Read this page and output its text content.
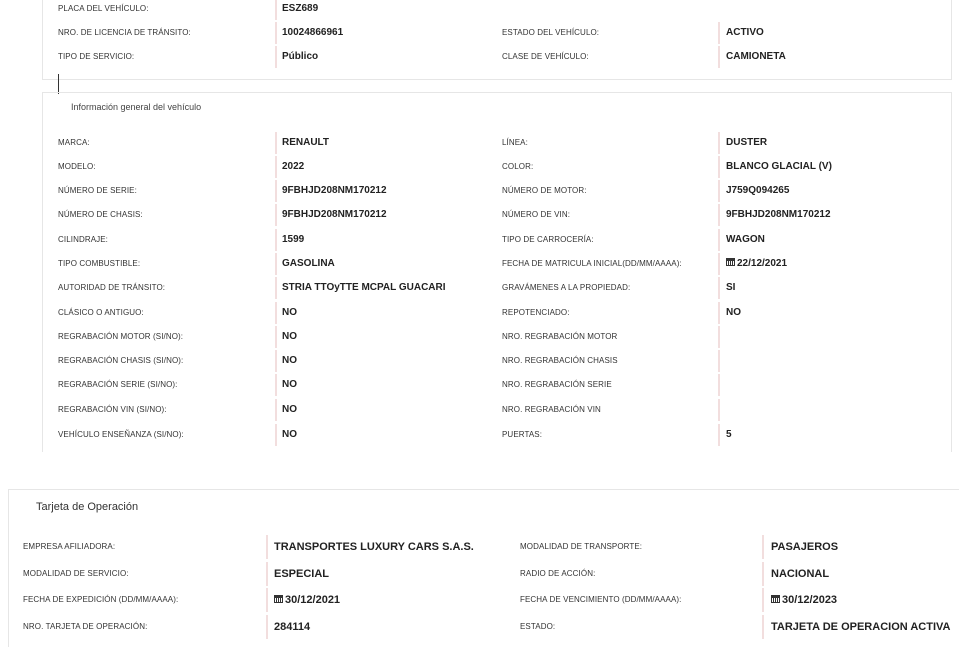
PLACA DEL VEHÍCULO:	ESZ689
NRO. DE LICENCIA DE TRÁNSITO:	10024866961	ESTADO DEL VEHÍCULO:	ACTIVO
TIPO DE SERVICIO:	Público	CLASE DE VEHÍCULO:	CAMIONETA
Información general del vehículo
MARCA:	RENAULT	LÍNEA:	DUSTER
MODELO:	2022	COLOR:	BLANCO GLACIAL (V)
NÚMERO DE SERIE:	9FBHJD208NM170212	NÚMERO DE MOTOR:	J759Q094265
NÚMERO DE CHASIS:	9FBHJD208NM170212	NÚMERO DE VIN:	9FBHJD208NM170212
CILINDRAJE:	1599	TIPO DE CARROCERÍA:	WAGON
TIPO COMBUSTIBLE:	GASOLINA	FECHA DE MATRICULA INICIAL(DD/MM/AAAA):	22/12/2021
AUTORIDAD DE TRÁNSITO:	STRIA TTOyTTE MCPAL GUACARI	GRAVÁMENES A LA PROPIEDAD:	SI
CLÁSICO O ANTIGUO:	NO	REPOTENCIADO:	NO
REGRABACIÓN MOTOR (SI/NO):	NO	NRO. REGRABACIÓN MOTOR
REGRABACIÓN CHASIS (SI/NO):	NO	NRO. REGRABACIÓN CHASIS
REGRABACIÓN SERIE (SI/NO):	NO	NRO. REGRABACIÓN SERIE
REGRABACIÓN VIN (SI/NO):	NO	NRO. REGRABACIÓN VIN
VEHÍCULO ENSEÑANZA (SI/NO):	NO	PUERTAS:	5
Tarjeta de Operación
EMPRESA AFILIADORA:	TRANSPORTES LUXURY CARS S.A.S.	MODALIDAD DE TRANSPORTE:	PASAJEROS
MODALIDAD DE SERVICIO:	ESPECIAL	RADIO DE ACCIÓN:	NACIONAL
FECHA DE EXPEDICIÓN (DD/MM/AAAA):	30/12/2021	FECHA DE VENCIMIENTO (DD/MM/AAAA):	30/12/2023
NRO. TARJETA DE OPERACIÓN:	284114	ESTADO:	TARJETA DE OPERACION ACTIVA
